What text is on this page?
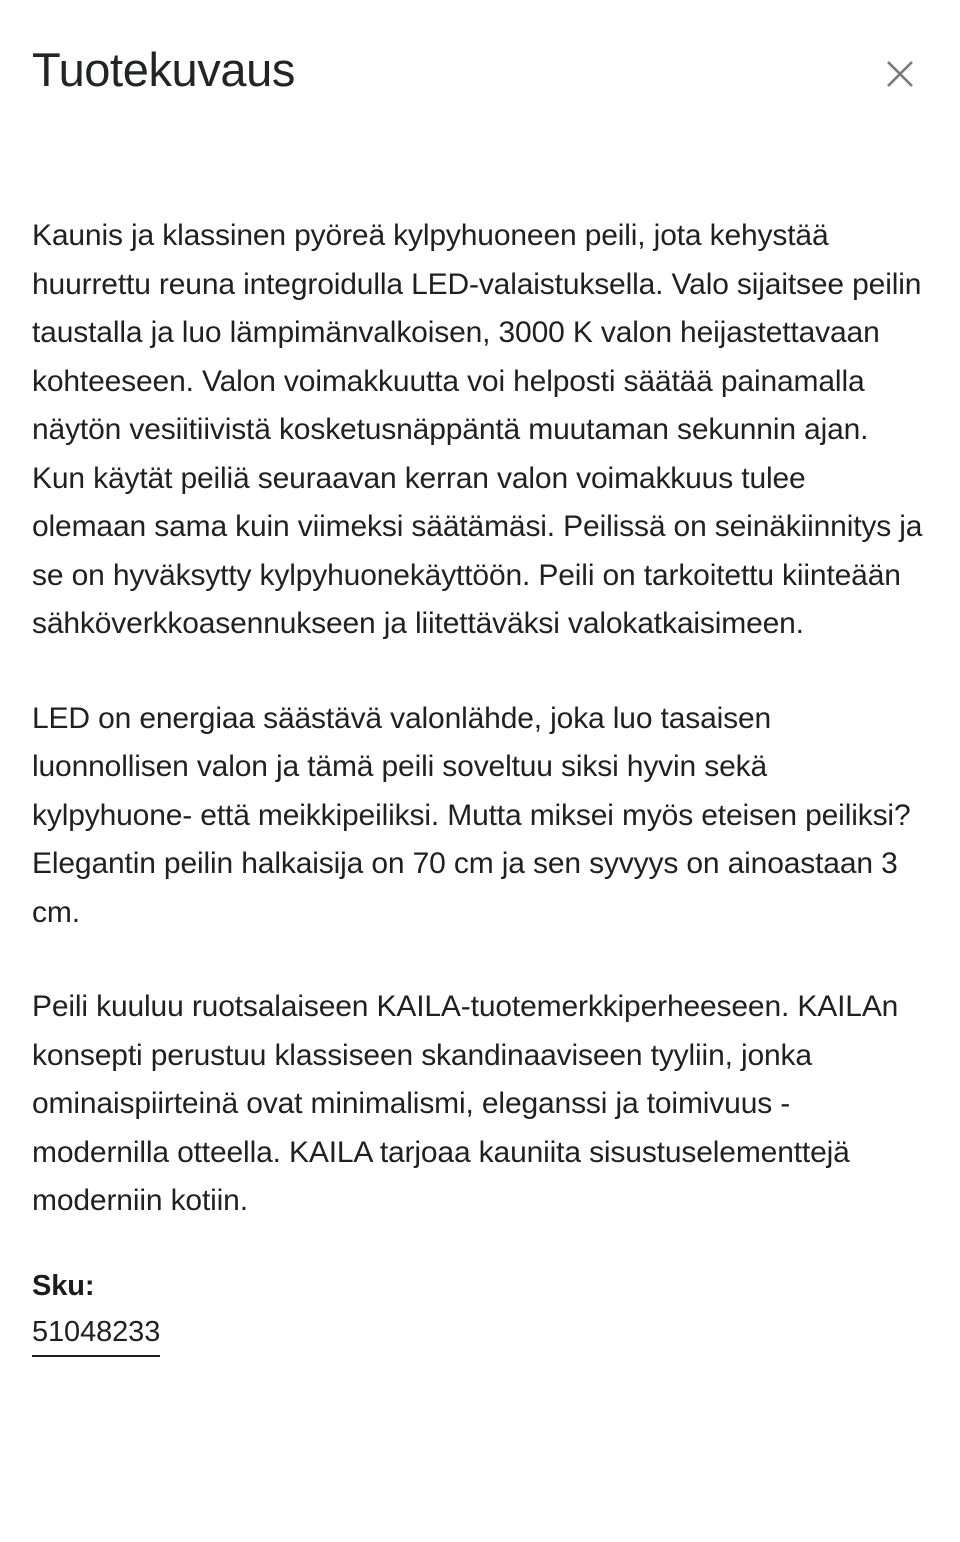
Tuotekuvaus

Kaunis ja klassinen pyöreä kylpyhuoneen peili, jota kehystää huurrettu reuna integroidulla LED-valaistuksella. Valo sijaitsee peilin taustalla ja luo lämpimänvalkoisen, 3000 K valon heijastettavaan kohteeseen. Valon voimakkuutta voi helposti säätää painamalla näytön vesiitiivistä kosketusnäppäntä muutaman sekunnin ajan. Kun käytät peiliä seuraavan kerran valon voimakkuus tulee olemaan sama kuin viimeksi säätämäsi. Peilissä on seinäkiinnitys ja se on hyväksytty kylpyhuonekäyttöön. Peili on tarkoitettu kiinteään sähköverkkoasennukseen ja liitettäväksi valokatkaisimeen.

LED on energiaa säästävä valonlähde, joka luo tasaisen luonnollisen valon ja tämä peili soveltuu siksi hyvin sekä kylpyhuone- että meikkipeiliksi. Mutta miksei myös eteisen peiliksi? Elegantin peilin halkaisija on 70 cm ja sen syvyys on ainoastaan 3 cm.

Peili kuuluu ruotsalaiseen KAILA-tuotemerkkiperheeseen. KAILAn konsepti perustuu klassiseen skandinaaviseen tyyliin, jonka ominaispiirteinä ovat minimalismi, eleganssi ja toimivuus - modernilla otteella. KAILA tarjoaa kauniita sisustuselementtejä moderniin kotiin.

Sku:
51048233
